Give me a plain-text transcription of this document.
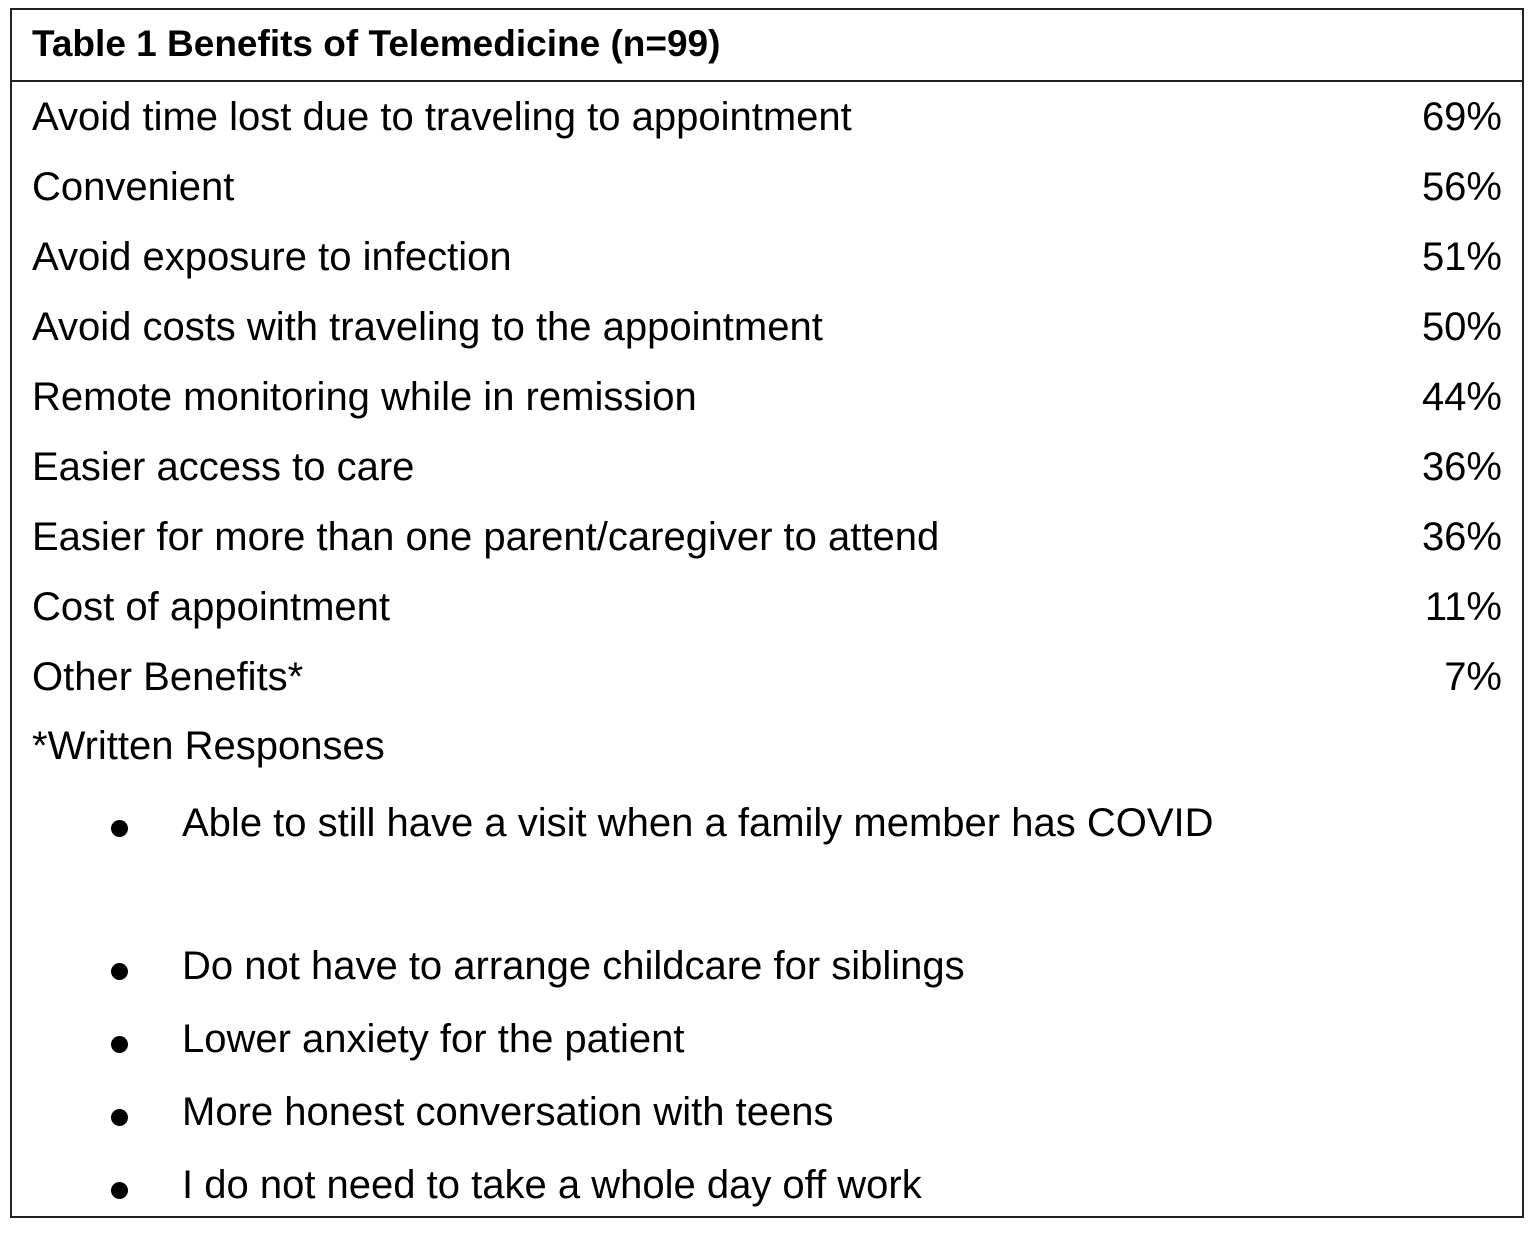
Table 1 Benefits of Telemedicine (n=99)
Avoid time lost due to traveling to appointment	69%
Convenient	56%
Avoid exposure to infection	51%
Avoid costs with traveling to the appointment	50%
Remote monitoring while in remission	44%
Easier access to care	36%
Easier for more than one parent/caregiver to attend	36%
Cost of appointment	11%
Other Benefits*	7%
*Written Responses
Able to still have a visit when a family member has COVID
Do not have to arrange childcare for siblings
Lower anxiety for the patient
More honest conversation with teens
I do not need to take a whole day off work
